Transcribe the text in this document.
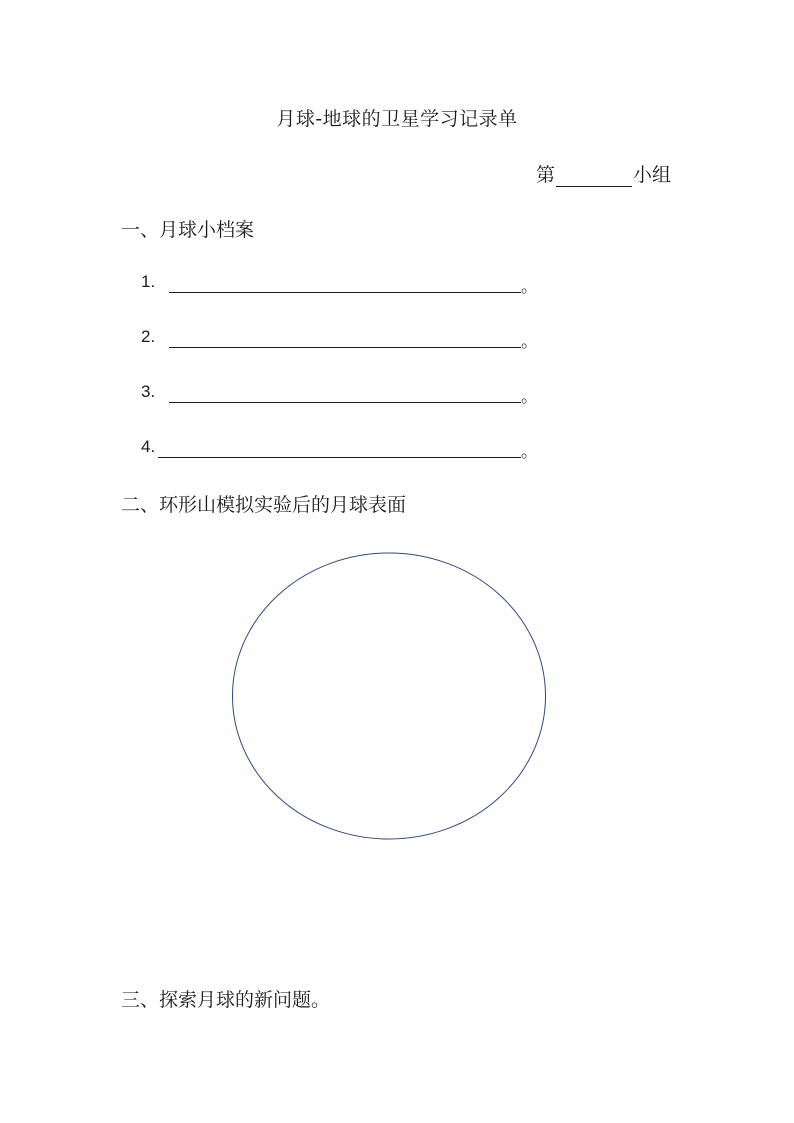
月球-地球的卫星学习记录单
第	小组
一、月球小档案
1.	。
2.	。
3.	。
4.	。
二、环形山模拟实验后的月球表面
三、探索月球的新问题。
